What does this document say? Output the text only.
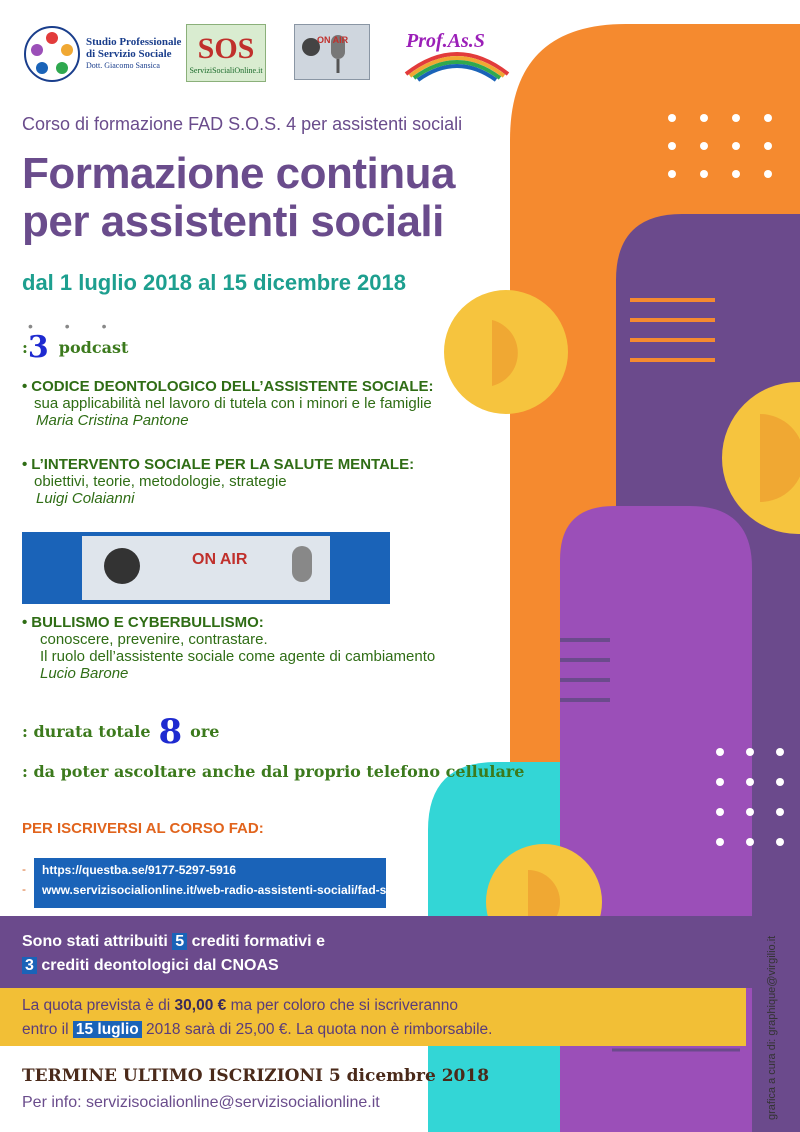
Studio Professionale
di Servizio Sociale
Dott. Giacomo Sansica
SOS
ServiziSocialiOnline.it
ON AIR	Prof.As.S
Corso di formazione FAD S.O.S. 4 per assistenti sociali
Formazione continua
per assistenti sociali
dal 1 luglio 2018 al 15 dicembre 2018
• • •
:3 podcast
• CODICE DEONTOLOGICO DELL’ASSISTENTE SOCIALE:
sua applicabilità nel lavoro di tutela con i minori e le famiglie
Maria Cristina Pantone
• L’INTERVENTO SOCIALE PER LA SALUTE MENTALE:
obiettivi, teorie, metodologie, strategie
Luigi Colaianni
ON AIR
• BULLISMO E CYBERBULLISMO:
conoscere, prevenire, contrastare.
Il ruolo dell’assistente sociale come agente di cambiamento
Lucio Barone
: durata totale 8 ore
: da poter ascoltare anche dal proprio telefono cellulare
PER ISCRIVERSI AL CORSO FAD:
-
-
https://questba.se/9177-5297-5916
www.servizisocialionline.it/web-radio-assistenti-sociali/fad-sos-4
Sono stati attribuiti 5 crediti formativi e
3 crediti deontologici dal CNOAS
La quota prevista è di 30,00 € ma per coloro che si iscriveranno
entro il 15 luglio 2018 sarà di 25,00 €. La quota non è rimborsabile.
TERMINE ULTIMO ISCRIZIONI 5 dicembre 2018
Per info: servizisocialionline@servizisocialionline.it	grafica a cura di: graphique@virgilio.it
